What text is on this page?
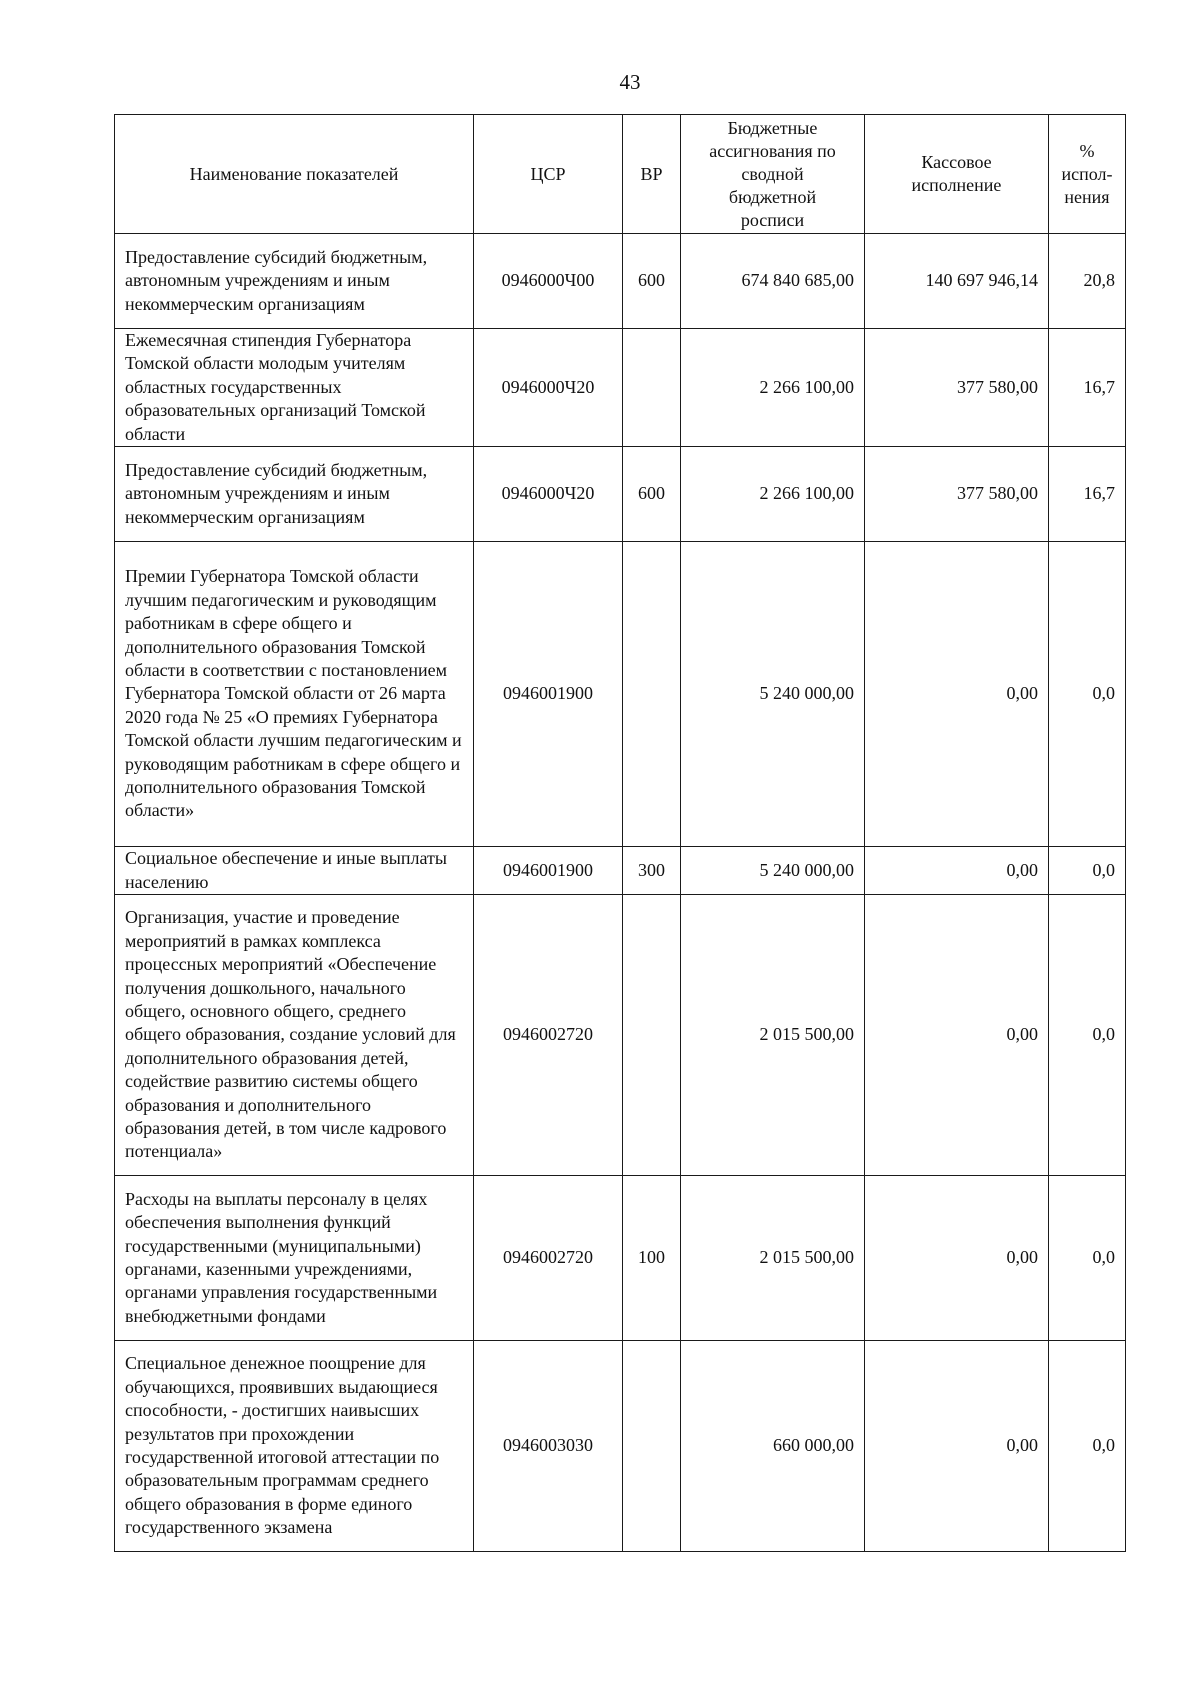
43
Наименование показателей	ЦСР	ВР	Бюджетные ассигнования по сводной бюджетной росписи	Кассовое исполнение	% испол-нения
Предоставление субсидий бюджетным, автономным учреждениям и иным некоммерческим организациям	0946000Ч00	600	674 840 685,00	140 697 946,14	20,8
Ежемесячная стипендия Губернатора Томской области молодым учителям областных государственных образовательных организаций Томской области	0946000Ч20		2 266 100,00	377 580,00	16,7
Предоставление субсидий бюджетным, автономным учреждениям и иным некоммерческим организациям	0946000Ч20	600	2 266 100,00	377 580,00	16,7
Премии Губернатора Томской области лучшим педагогическим и руководящим работникам в сфере общего и дополнительного образования Томской области в соответствии с постановлением Губернатора Томской области от 26 марта 2020 года № 25 «О премиях Губернатора Томской области лучшим педагогическим и руководящим работникам в сфере общего и дополнительного образования Томской области»	0946001900		5 240 000,00	0,00	0,0
Социальное обеспечение и иные выплаты населению	0946001900	300	5 240 000,00	0,00	0,0
Организация, участие и проведение мероприятий в рамках комплекса процессных мероприятий «Обеспечение получения дошкольного, начального общего, основного общего, среднего общего образования, создание условий для дополнительного образования детей, содействие развитию системы общего образования и дополнительного образования детей, в том числе кадрового потенциала»	0946002720		2 015 500,00	0,00	0,0
Расходы на выплаты персоналу в целях обеспечения выполнения функций государственными (муниципальными) органами, казенными учреждениями, органами управления государственными внебюджетными фондами	0946002720	100	2 015 500,00	0,00	0,0
Специальное денежное поощрение для обучающихся, проявивших выдающиеся способности, - достигших наивысших результатов при прохождении государственной итоговой аттестации по образовательным программам среднего общего образования в форме единого государственного экзамена	0946003030		660 000,00	0,00	0,0
